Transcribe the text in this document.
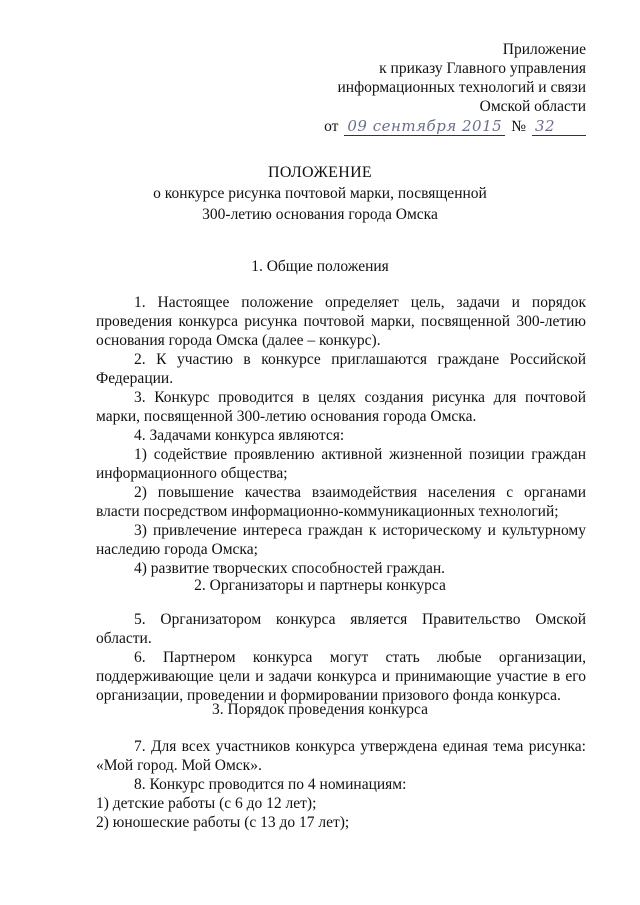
Приложение
к приказу Главного управления
информационных технологий и связи
Омской области
от 09 сентября 2015 № 32
ПОЛОЖЕНИЕ
о конкурсе рисунка почтовой марки, посвященной
300-летию основания города Омска
1. Общие положения

1. Настоящее положение определяет цель, задачи и порядок проведения конкурса рисунка почтовой марки, посвященной 300-летию основания города Омска (далее – конкурс).

2. К участию в конкурсе приглашаются граждане Российской Федерации.

3. Конкурс проводится в целях создания рисунка для почтовой марки, посвященной 300-летию основания города Омска.

4. Задачами конкурса являются:

1) содействие проявлению активной жизненной позиции граждан информационного общества;

2) повышение качества взаимодействия населения с органами власти посредством информационно-коммуникационных технологий;

3) привлечение интереса граждан к историческому и культурному наследию города Омска;

4) развитие творческих способностей граждан.

2. Организаторы и партнеры конкурса

5. Организатором конкурса является Правительство Омской области.

6. Партнером конкурса могут стать любые организации, поддерживающие цели и задачи конкурса и принимающие участие в его организации, проведении и формировании призового фонда конкурса.

3. Порядок проведения конкурса

7. Для всех участников конкурса утверждена единая тема рисунка: «Мой город. Мой Омск».

8. Конкурс проводится по 4 номинациям:

1) детские работы (с 6 до 12 лет);

2) юношеские работы (с 13 до 17 лет);
